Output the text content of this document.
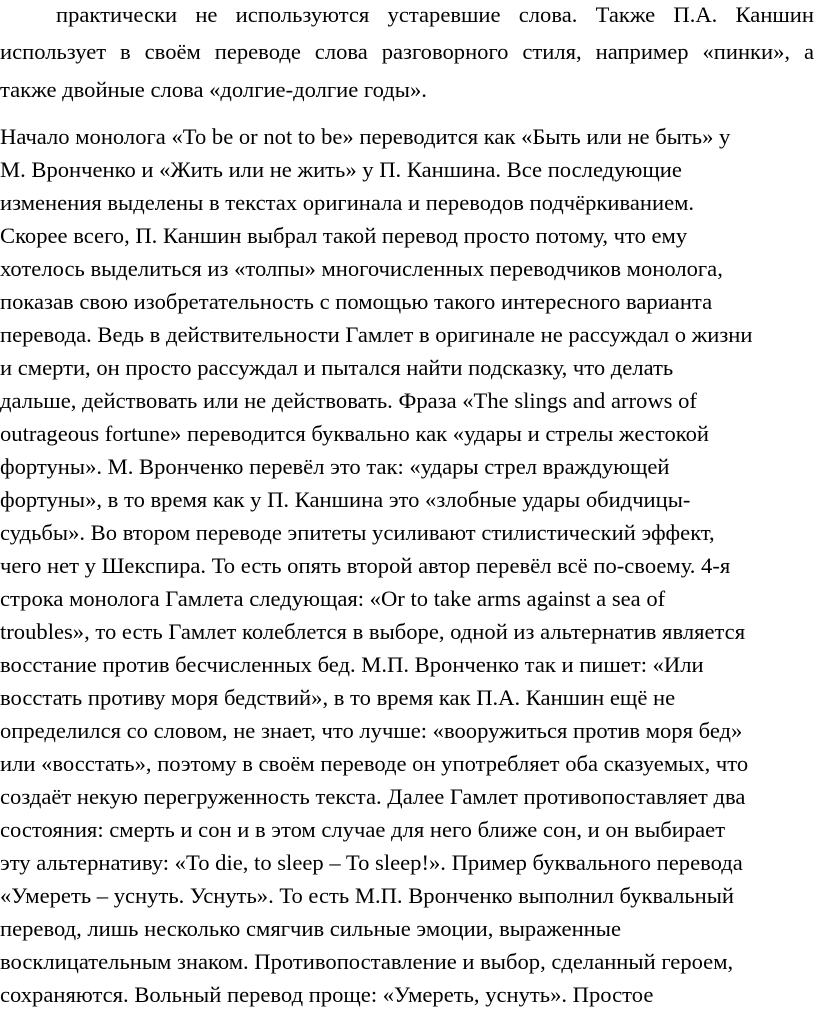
практически не используются устаревшие слова. Также П.А. Каншин

использует в своём переводе слова разговорного стиля, например «пинки», а

также двойные слова «долгие-долгие годы».

Начало монолога «To be or not to be» переводится как «Быть или не быть» у

М. Вронченко и «Жить или не жить» у П. Каншина. Все последующие

изменения выделены в текстах оригинала и переводов подчёркиванием.

Скорее всего, П. Каншин выбрал такой перевод просто потому, что ему

хотелось выделиться из «толпы» многочисленных переводчиков монолога,

показав свою изобретательность с помощью такого интересного варианта

перевода. Ведь в действительности Гамлет в оригинале не рассуждал о жизни

и смерти, он просто рассуждал и пытался найти подсказку, что делать

дальше, действовать или не действовать. Фраза «The slings and arrows of

outrageous fortune» переводится буквально как «удары и стрелы жестокой

фортуны». М. Вронченко перевёл это так: «удары стрел враждующей

фортуны», в то время как у П. Каншина это «злобные удары обидчицы-

судьбы». Во втором переводе эпитеты усиливают стилистический эффект,

чего нет у Шекспира. То есть опять второй автор перевёл всё по-своему. 4-я

строка монолога Гамлета следующая: «Or to take arms against a sea of

troubles», то есть Гамлет колеблется в выборе, одной из альтернатив является

восстание против бесчисленных бед. М.П. Вронченко так и пишет: «Или

восстать противу моря бедствий», в то время как П.А. Каншин ещё не

определился со словом, не знает, что лучше: «вооружиться против моря бед»

или «восстать», поэтому в своём переводе он употребляет оба сказуемых, что

создаёт некую перегруженность текста. Далее Гамлет противопоставляет два

состояния: смерть и сон и в этом случае для него ближе сон, и он выбирает

эту альтернативу: «To die, to sleep – To sleep!». Пример буквального перевода

«Умереть – уснуть. Уснуть». То есть М.П. Вронченко выполнил буквальный

перевод, лишь несколько смягчив сильные эмоции, выраженные

восклицательным знаком. Противопоставление и выбор, сделанный героем,

сохраняются. Вольный перевод проще: «Умереть, уснуть». Простое
